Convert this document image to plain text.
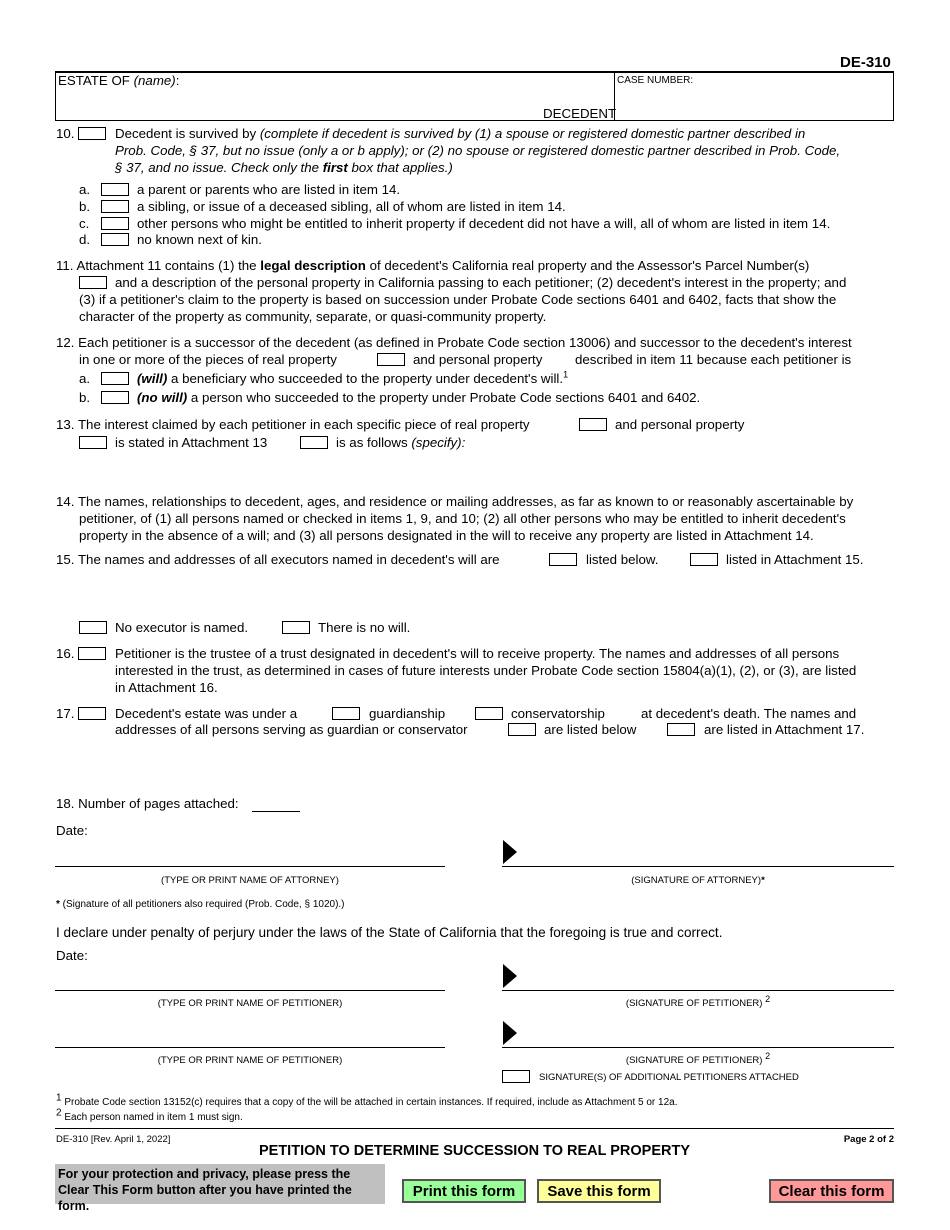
DE-310
ESTATE OF (name):
DECEDENT
CASE NUMBER:
10.	Decedent is survived by (complete if decedent is survived by (1) a spouse or registered domestic partner described in
Prob. Code, § 37, but no issue (only a or b apply); or (2) no spouse or registered domestic partner described in Prob. Code,
§ 37, and no issue. Check only the first box that applies.)
a.	a parent or parents who are listed in item 14.
b.	a sibling, or issue of a deceased sibling, all of whom are listed in item 14.
c.	other persons who might be entitled to inherit property if decedent did not have a will, all of whom are listed in item 14.
d.	no known next of kin.
11. Attachment 11 contains (1) the legal description of decedent's California real property and the Assessor's Parcel Number(s)
and a description of the personal property in California passing to each petitioner; (2) decedent's interest in the property; and
(3) if a petitioner's claim to the property is based on succession under Probate Code sections 6401 and 6402, facts that show the
character of the property as community, separate, or quasi-community property.
12. Each petitioner is a successor of the decedent (as defined in Probate Code section 13006) and successor to the decedent's interest
in one or more of the pieces of real property	and personal property described in item 11 because each petitioner is
a.	(will) a beneficiary who succeeded to the property under decedent's will.$^1$
b.	(no will) a person who succeeded to the property under Probate Code sections 6401 and 6402.
13. The interest claimed by each petitioner in each specific piece of real property	and personal property
is stated in Attachment 13	is as follows (specify):
14. The names, relationships to decedent, ages, and residence or mailing addresses, as far as known to or reasonably ascertainable by
petitioner, of (1) all persons named or checked in items 1, 9, and 10; (2) all other persons who may be entitled to inherit decedent's
property in the absence of a will; and (3) all persons designated in the will to receive any property are listed in Attachment 14.
15. The names and addresses of all executors named in decedent's will are	listed below.	listed in Attachment 15.
No executor is named.	There is no will.
16.	Petitioner is the trustee of a trust designated in decedent's will to receive property. The names and addresses of all persons
interested in the trust, as determined in cases of future interests under Probate Code section 15804(a)(1), (2), or (3), are listed
in Attachment 16.
17.	Decedent's estate was under a	guardianship	conservatorship	at decedent's death. The names and
addresses of all persons serving as guardian or conservator	are listed below	are listed in Attachment 17.
18. Number of pages attached:
Date:
(TYPE OR PRINT NAME OF ATTORNEY)	(SIGNATURE OF ATTORNEY)*
* (Signature of all petitioners also required (Prob. Code, § 1020).)
I declare under penalty of perjury under the laws of the State of California that the foregoing is true and correct.
Date:
(TYPE OR PRINT NAME OF PETITIONER)	(SIGNATURE OF PETITIONER) $^2$
(TYPE OR PRINT NAME OF PETITIONER)	(SIGNATURE OF PETITIONER) $^2$
SIGNATURE(S) OF ADDITIONAL PETITIONERS ATTACHED
$^1$ Probate Code section 13152(c) requires that a copy of the will be attached in certain instances. If required, include as Attachment 5 or 12a.
$^2$ Each person named in item 1 must sign.
DE-310 [Rev. April 1, 2022]	Page 2 of 2
PETITION TO DETERMINE SUCCESSION TO REAL PROPERTY
For your protection and privacy, please press the Clear This Form button after you have printed the form.
Print this form	Save this form	Clear this form
